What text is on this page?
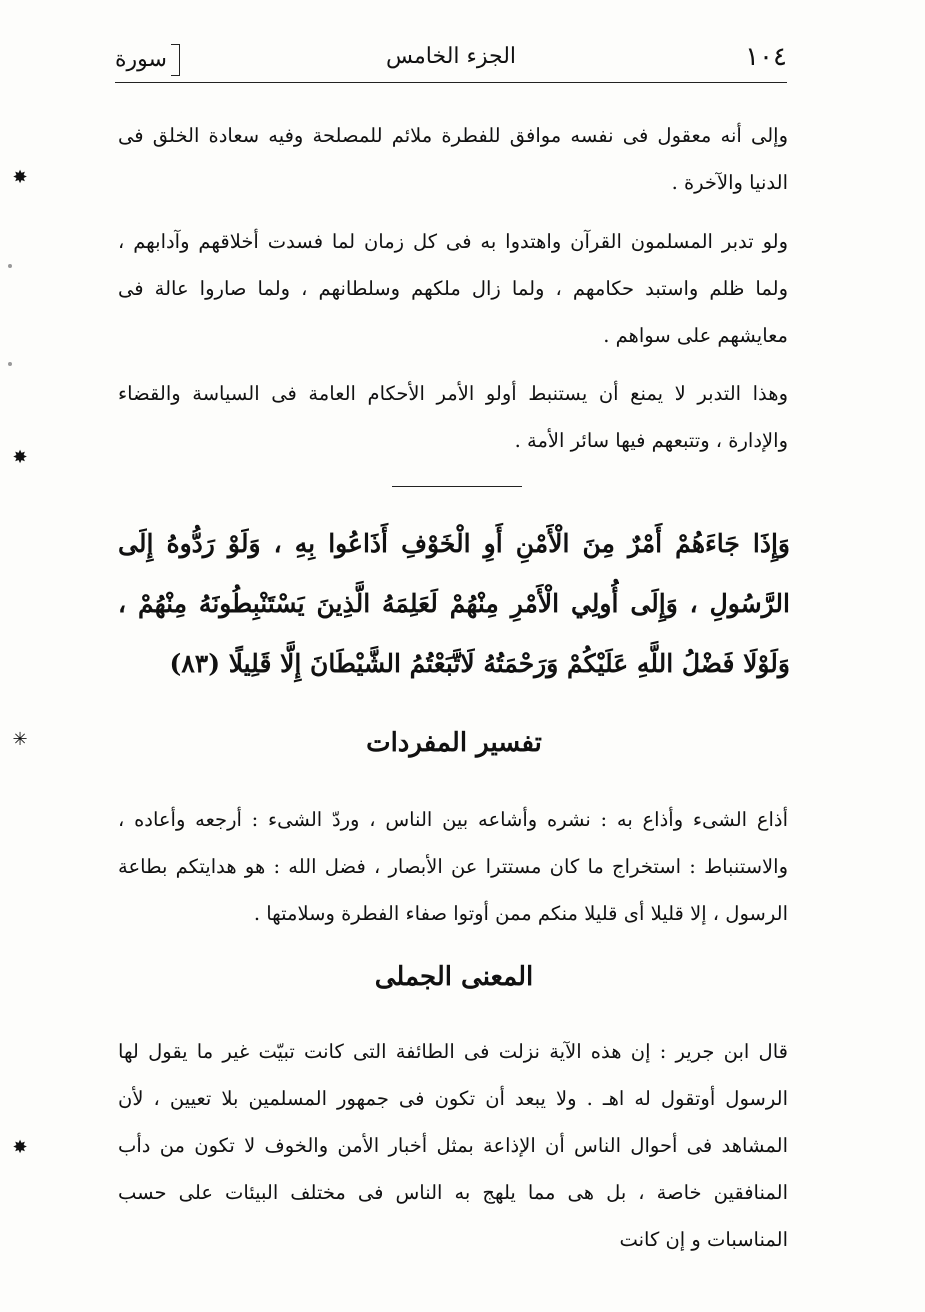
١٠٤
الجزء الخامس
سورة
وإلى أنه معقول فى نفسه موافق للفطرة ملائم للمصلحة وفيه سعادة الخلق فى الدنيا والآخرة .
ولو تدبر المسلمون القرآن واهتدوا به فى كل زمان لما فسدت أخلاقهم وآدابهم ، ولما ظلم واستبد حكامهم ، ولما زال ملكهم وسلطانهم ، ولما صاروا عالة فى معايشهم على سواهم .
وهذا التدبر لا يمنع أن يستنبط أولو الأمر الأحكام العامة فى السياسة والقضاء والإدارة ، وتتبعهم فيها سائر الأمة .
وَإِذَا جَاءَهُمْ أَمْرٌ مِنَ الْأَمْنِ أَوِ الْخَوْفِ أَذَاعُوا بِهِ ، وَلَوْ رَدُّوهُ إِلَى الرَّسُولِ ، وَإِلَى أُولِي الْأَمْرِ مِنْهُمْ لَعَلِمَهُ الَّذِينَ يَسْتَنْبِطُونَهُ مِنْهُمْ ، وَلَوْلَا فَضْلُ اللَّهِ عَلَيْكُمْ وَرَحْمَتُهُ لَاتَّبَعْتُمُ الشَّيْطَانَ إِلَّا قَلِيلًا (٨٣)
تفسير المفردات
أذاع الشىء وأذاع به : نشره وأشاعه بين الناس ، وردّ الشىء : أرجعه وأعاده ، والاستنباط : استخراج ما كان مستترا عن الأبصار ، فضل الله : هو هدايتكم بطاعة الرسول ، إلا قليلا أى قليلا منكم ممن أوتوا صفاء الفطرة وسلامتها .
المعنى الجملى
قال ابن جرير : إن هذه الآية نزلت فى الطائفة التى كانت تبيّت غير ما يقول لها الرسول أوتقول له اهـ . ولا يبعد أن تكون فى جمهور المسلمين بلا تعيين ، لأن المشاهد فى أحوال الناس أن الإذاعة بمثل أخبار الأمن والخوف لا تكون من دأب المنافقين خاصة ، بل هى مما يلهج به الناس فى مختلف البيئات على حسب المناسبات و إن كانت
✸
✸
✳
✸
